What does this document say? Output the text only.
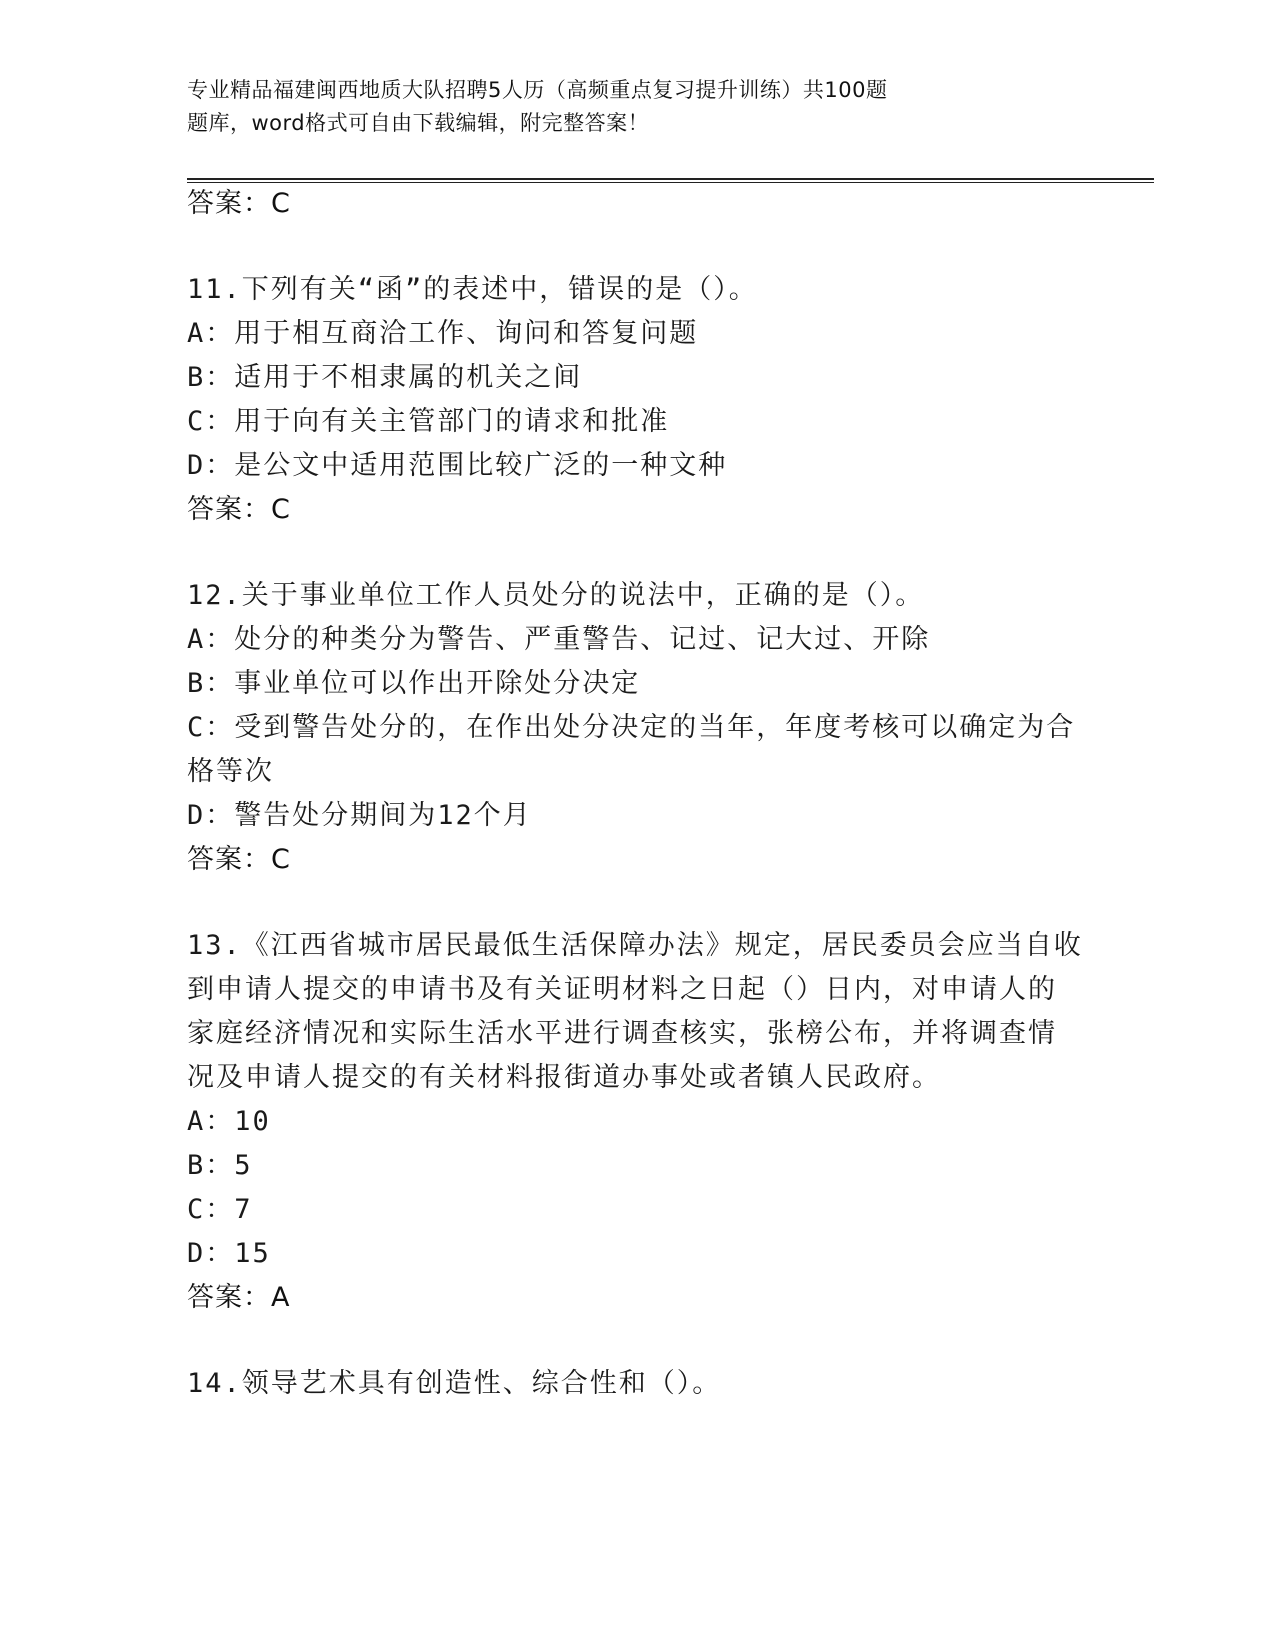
专业精品福建闽西地质大队招聘5人历（高频重点复习提升训练）共100题
题库，word格式可自由下载编辑，附完整答案！
答案：C
11.下列有关“函”的表述中，错误的是（）。
A：用于相互商洽工作、询问和答复问题
B：适用于不相隶属的机关之间
C：用于向有关主管部门的请求和批准
D：是公文中适用范围比较广泛的一种文种
答案：C
12.关于事业单位工作人员处分的说法中，正确的是（）。
A：处分的种类分为警告、严重警告、记过、记大过、开除
B：事业单位可以作出开除处分决定
C：受到警告处分的，在作出处分决定的当年，年度考核可以确定为合
格等次
D：警告处分期间为12个月
答案：C
13.《江西省城市居民最低生活保障办法》规定，居民委员会应当自收
到申请人提交的申请书及有关证明材料之日起（）日内，对申请人的
家庭经济情况和实际生活水平进行调查核实，张榜公布，并将调查情
况及申请人提交的有关材料报街道办事处或者镇人民政府。
A：10
B：5
C：7
D：15
答案：A
14.领导艺术具有创造性、综合性和（）。
